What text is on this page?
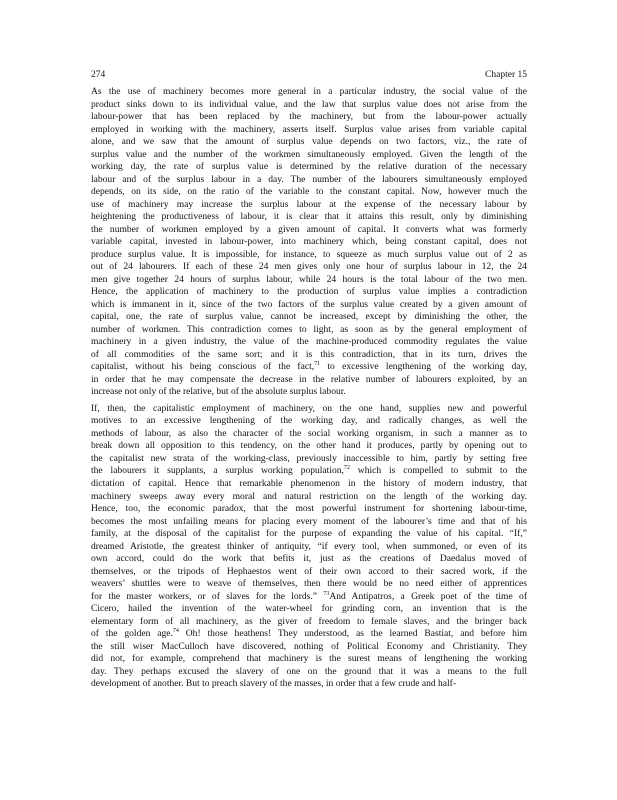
274	Chapter 15
As the use of machinery becomes more general in a particular industry, the social value of the
product sinks down to its individual value, and the law that surplus value does not arise from the
labour-power that has been replaced by the machinery, but from the labour-power actually
employed in working with the machinery, asserts itself. Surplus value arises from variable capital
alone, and we saw that the amount of surplus value depends on two factors, viz., the rate of
surplus value and the number of the workmen simultaneously employed. Given the length of the
working day, the rate of surplus value is determined by the relative duration of the necessary
labour and of the surplus labour in a day. The number of the labourers simultaneously employed
depends, on its side, on the ratio of the variable to the constant capital. Now, however much the
use of machinery may increase the surplus labour at the expense of the necessary labour by
heightening the productiveness of labour, it is clear that it attains this result, only by diminishing
the number of workmen employed by a given amount of capital. It converts what was formerly
variable capital, invested in labour-power, into machinery which, being constant capital, does not
produce surplus value. It is impossible, for instance, to squeeze as much surplus value out of 2 as
out of 24 labourers. If each of these 24 men gives only one hour of surplus labour in 12, the 24
men give together 24 hours of surplus labour, while 24 hours is the total labour of the two men.
Hence, the application of machinery to the production of surplus value implies a contradiction
which is immanent in it, since of the two factors of the surplus value created by a given amount of
capital, one, the rate of surplus value, cannot be increased, except by diminishing the other, the
number of workmen. This contradiction comes to light, as soon as by the general employment of
machinery in a given industry, the value of the machine-produced commodity regulates the value
of all commodities of the same sort; and it is this contradiction, that in its turn, drives the
capitalist, without his being conscious of the fact,$^{71}$ to excessive lengthening of the working day,
in order that he may compensate the decrease in the relative number of labourers exploited, by an
increase not only of the relative, but of the absolute surplus labour.
If, then, the capitalistic employment of machinery, on the one hand, supplies new and powerful
motives to an excessive lengthening of the working day, and radically changes, as well the
methods of labour, as also the character of the social working organism, in such a manner as to
break down all opposition to this tendency, on the other hand it produces, partly by opening out to
the capitalist new strata of the working-class, previously inaccessible to him, partly by setting free
the labourers it supplants, a surplus working population,$^{72}$ which is compelled to submit to the
dictation of capital. Hence that remarkable phenomenon in the history of modern industry, that
machinery sweeps away every moral and natural restriction on the length of the working day.
Hence, too, the economic paradox, that the most powerful instrument for shortening labour-time,
becomes the most unfailing means for placing every moment of the labourer’s time and that of his
family, at the disposal of the capitalist for the purpose of expanding the value of his capital. “If,”
dreamed Aristotle, the greatest thinker of antiquity, “if every tool, when summoned, or even of its
own accord, could do the work that befits it, just as the creations of Daedalus moved of
themselves, or the tripods of Hephaestos went of their own accord to their sacred work, if the
weavers’ shuttles were to weave of themselves, then there would be no need either of apprentices
for the master workers, or of slaves for the lords.” $^{73}$And Antipatros, a Greek poet of the time of
Cicero, hailed the invention of the water-wheel for grinding corn, an invention that is the
elementary form of all machinery, as the giver of freedom to female slaves, and the bringer back
of the golden age.$^{74}$ Oh! those heathens! They understood, as the learned Bastiat, and before him
the still wiser MacCulloch have discovered, nothing of Political Economy and Christianity. They
did not, for example, comprehend that machinery is the surest means of lengthening the working
day. They perhaps excused the slavery of one on the ground that it was a means to the full
development of another. But to preach slavery of the masses, in order that a few crude and half-
